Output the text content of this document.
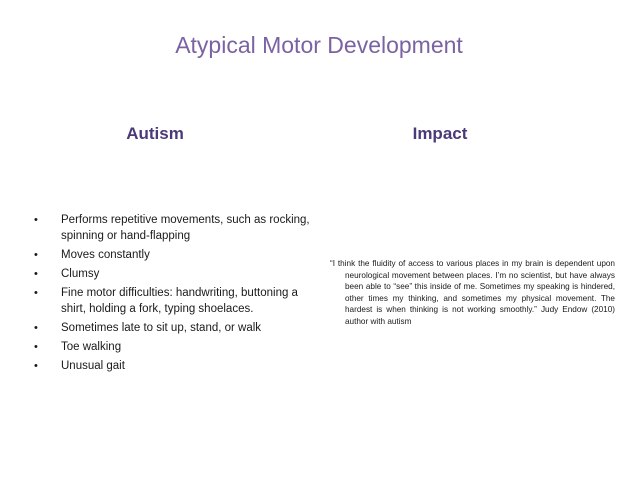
Atypical Motor Development
Autism	Impact
• Performs repetitive movements, such as rocking, spinning or hand-flapping
• Moves constantly
• Clumsy
• Fine motor difficulties: handwriting, buttoning a shirt, holding a fork, typing shoelaces.
• Sometimes late to sit up, stand, or walk
• Toe walking
• Unusual gait
“I think the fluidity of access to various places in my brain is dependent upon neurological movement between places. I’m no scientist, but have always been able to “see” this inside of me. Sometimes my speaking is hindered, other times my thinking, and sometimes my physical movement. The hardest is when thinking is not working smoothly.” Judy Endow (2010) author with autism
